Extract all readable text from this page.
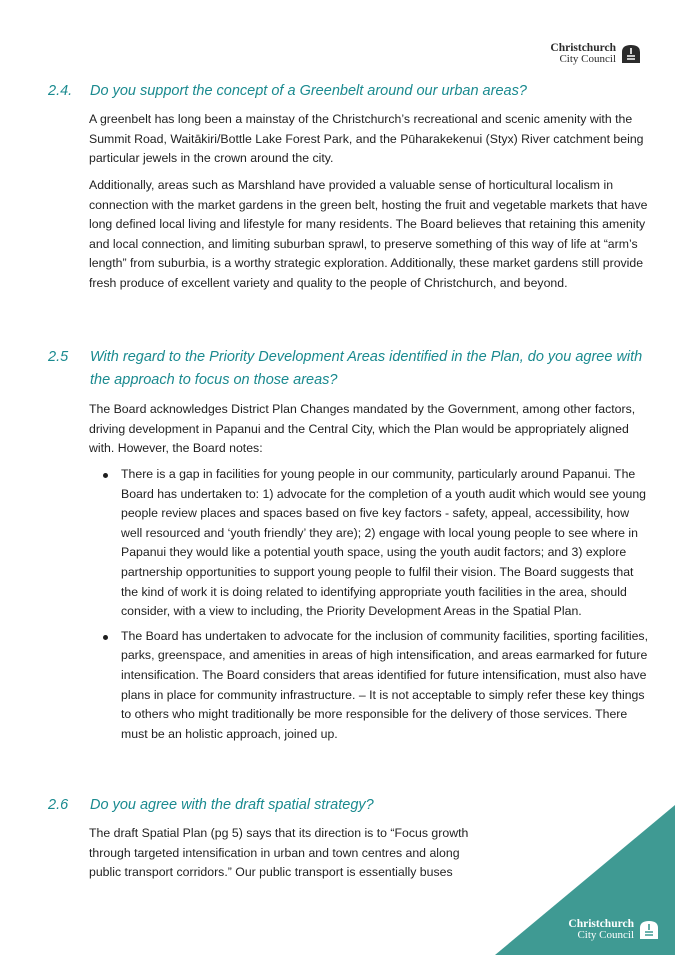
Christchurch
City Council
2.4. Do you support the concept of a Greenbelt around our urban areas?
A greenbelt has long been a mainstay of the Christchurch’s recreational and scenic amenity with the Summit Road, Waitākiri/Bottle Lake Forest Park, and the Pūharakekenui (Styx) River catchment being particular jewels in the crown around the city.
Additionally, areas such as Marshland have provided a valuable sense of horticultural localism in connection with the market gardens in the green belt, hosting the fruit and vegetable markets that have long defined local living and lifestyle for many residents. The Board believes that retaining this amenity and local connection, and limiting suburban sprawl, to preserve something of this way of life at “arm’s length” from suburbia, is a worthy strategic exploration. Additionally, these market gardens still provide fresh produce of excellent variety and quality to the people of Christchurch, and beyond.
2.5 With regard to the Priority Development Areas identified in the Plan, do you agree with the approach to focus on those areas?
The Board acknowledges District Plan Changes mandated by the Government, among other factors, driving development in Papanui and the Central City, which the Plan would be appropriately aligned with. However, the Board notes:
There is a gap in facilities for young people in our community, particularly around Papanui. The Board has undertaken to: 1) advocate for the completion of a youth audit which would see young people review places and spaces based on five key factors - safety, appeal, accessibility, how well resourced and ‘youth friendly’ they are); 2) engage with local young people to see where in Papanui they would like a potential youth space, using the youth audit factors; and 3) explore partnership opportunities to support young people to fulfil their vision. The Board suggests that the kind of work it is doing related to identifying appropriate youth facilities in the area, should consider, with a view to including, the Priority Development Areas in the Spatial Plan.
The Board has undertaken to advocate for the inclusion of community facilities, sporting facilities, parks, greenspace, and amenities in areas of high intensification, and areas earmarked for future intensification. The Board considers that areas identified for future intensification, must also have plans in place for community infrastructure. – It is not acceptable to simply refer these key things to others who might traditionally be more responsible for the delivery of those services. There must be an holistic approach, joined up.
2.6 Do you agree with the draft spatial strategy?
The draft Spatial Plan (pg 5) says that its direction is to “Focus growth through targeted intensification in urban and town centres and along public transport corridors.” Our public transport is essentially buses
Christchurch
City Council
